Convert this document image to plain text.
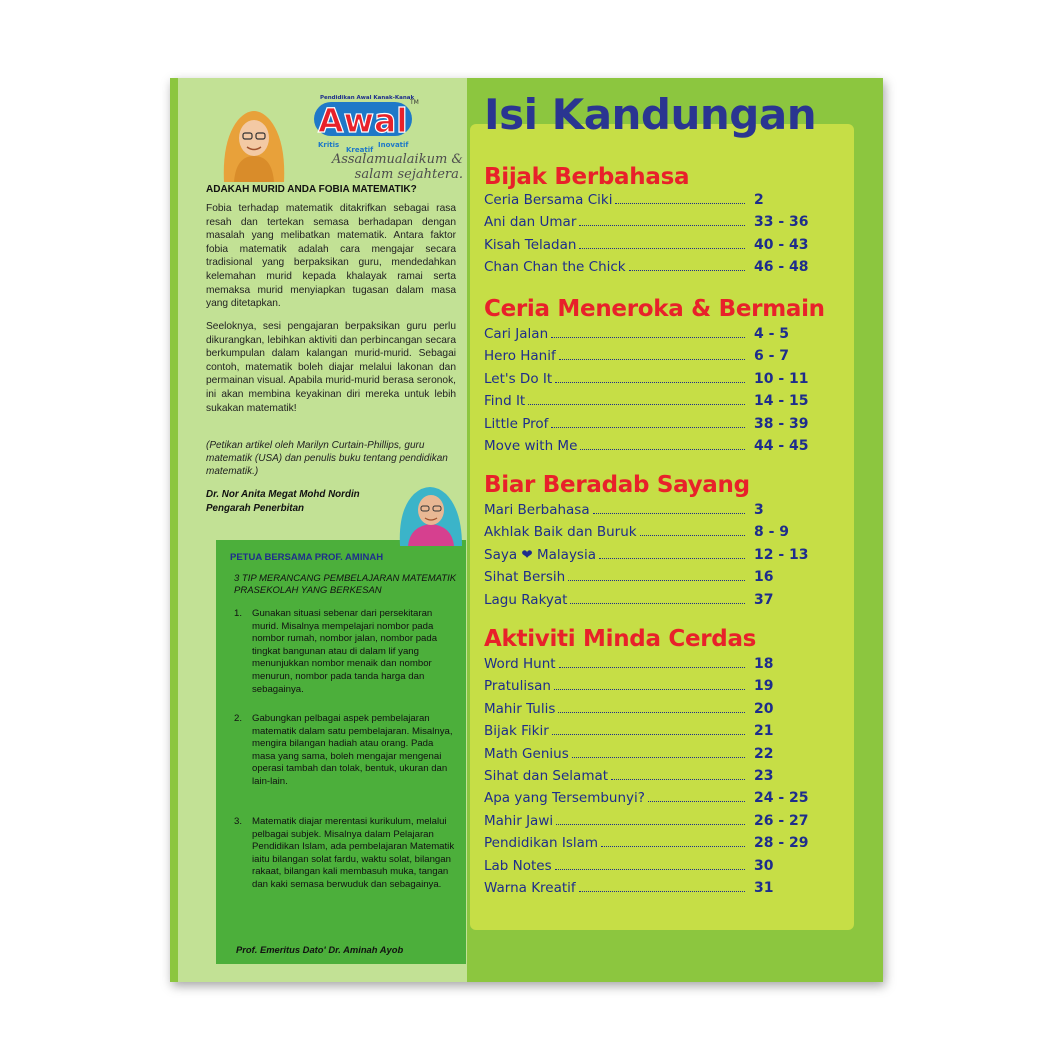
Pendidikan Awal Kanak-Kanak
Awal TM
Kritis
Kreatif
Inovatif
Assalamualaikum & salam sejahtera.
ADAKAH MURID ANDA FOBIA MATEMATIK?
Fobia terhadap matematik ditakrifkan sebagai rasa resah dan tertekan semasa berhadapan dengan masalah yang melibatkan matematik. Antara faktor fobia matematik adalah cara mengajar secara tradisional yang berpaksikan guru, mendedahkan kelemahan murid kepada khalayak ramai serta memaksa murid menyiapkan tugasan dalam masa yang ditetapkan.
Seeloknya, sesi pengajaran berpaksikan guru perlu dikurangkan, lebihkan aktiviti dan perbincangan secara berkumpulan dalam kalangan murid-murid. Sebagai contoh, matematik boleh diajar melalui lakonan dan permainan visual. Apabila murid-murid berasa seronok, ini akan membina keyakinan diri mereka untuk lebih sukakan matematik!
(Petikan artikel oleh Marilyn Curtain-Phillips, guru matematik (USA) dan penulis buku tentang pendidikan matematik.)
Dr. Nor Anita Megat Mohd Nordin
Pengarah Penerbitan
PETUA BERSAMA PROF. AMINAH
3 TIP MERANCANG PEMBELAJARAN MATEMATIK PRASEKOLAH YANG BERKESAN
1. Gunakan situasi sebenar dari persekitaran murid. Misalnya mempelajari nombor pada nombor rumah, nombor jalan, nombor pada tingkat bangunan atau di dalam lif yang menunjukkan nombor menaik dan nombor menurun, nombor pada tanda harga dan sebagainya.
2. Gabungkan pelbagai aspek pembelajaran matematik dalam satu pembelajaran. Misalnya, mengira bilangan hadiah atau orang. Pada masa yang sama, boleh mengajar mengenai operasi tambah dan tolak, bentuk, ukuran dan lain-lain.
3. Matematik diajar merentasi kurikulum, melalui pelbagai subjek. Misalnya dalam Pelajaran Pendidikan Islam, ada pembelajaran Matematik iaitu bilangan solat fardu, waktu solat, bilangan rakaat, bilangan kali membasuh muka, tangan dan kaki semasa berwuduk dan sebagainya.
Prof. Emeritus Dato' Dr. Aminah Ayob
Isi Kandungan
Bijak Berbahasa
Ceria Bersama Ciki	2
Ani dan Umar	33 - 36
Kisah Teladan	40 - 43
Chan Chan the Chick	46 - 48
Ceria Meneroka & Bermain
Cari Jalan	4 - 5
Hero Hanif	6 - 7
Let's Do It	10 - 11
Find It	14 - 15
Little Prof	38 - 39
Move with Me	44 - 45
Biar Beradab Sayang
Mari Berbahasa	3
Akhlak Baik dan Buruk	8 - 9
Saya ❤ Malaysia	12 - 13
Sihat Bersih	16
Lagu Rakyat	37
Aktiviti Minda Cerdas
Word Hunt	18
Pratulisan	19
Mahir Tulis	20
Bijak Fikir	21
Math Genius	22
Sihat dan Selamat	23
Apa yang Tersembunyi?	24 - 25
Mahir Jawi	26 - 27
Pendidikan Islam	28 - 29
Lab Notes	30
Warna Kreatif	31
